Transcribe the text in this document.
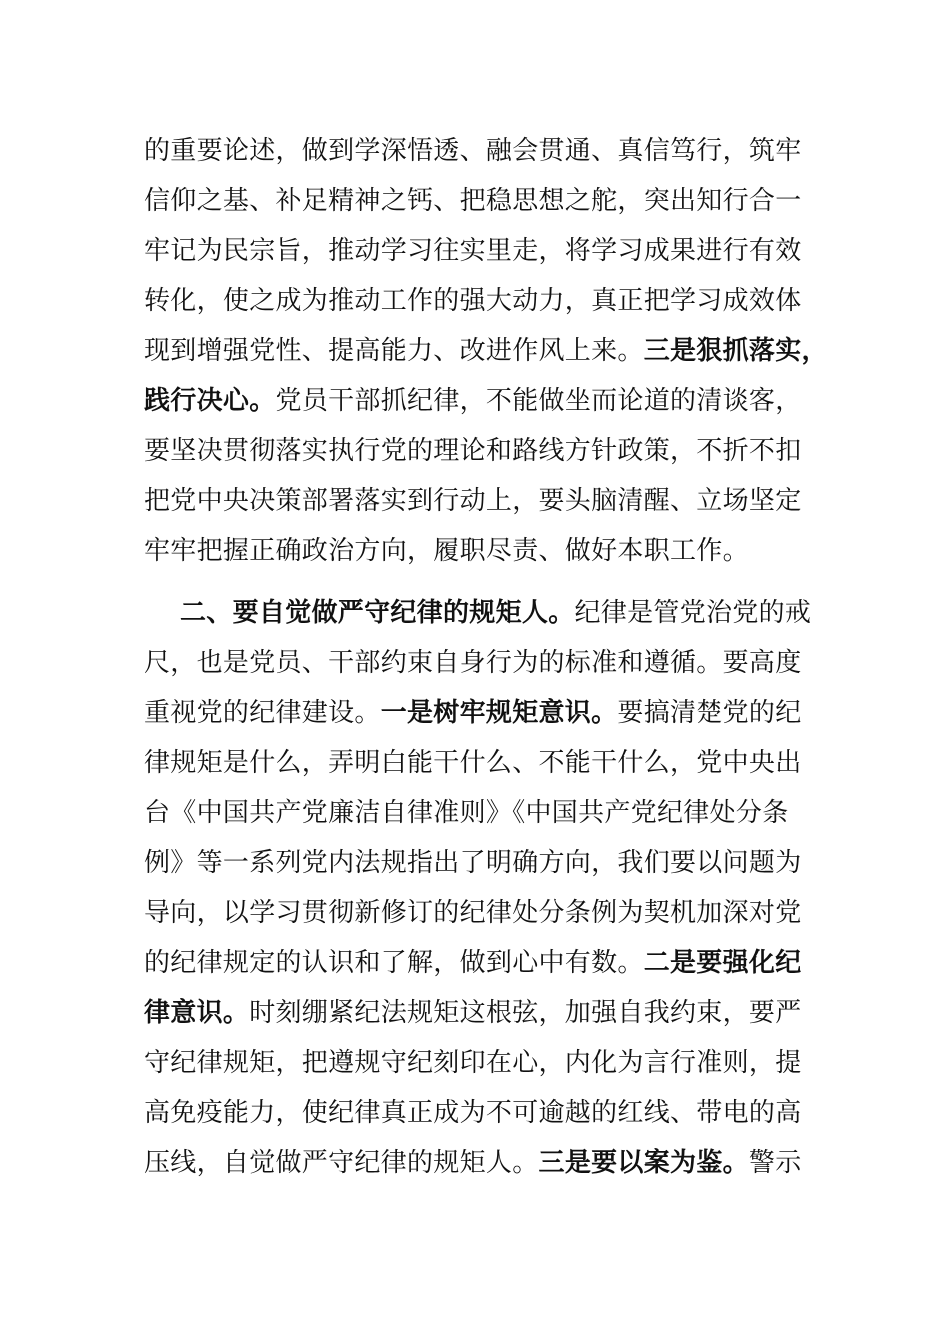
的重要论述，做到学深悟透、融会贯通、真信笃行，筑牢
信仰之基、补足精神之钙、把稳思想之舵，突出知行合一
牢记为民宗旨，推动学习往实里走，将学习成果进行有效
转化，使之成为推动工作的强大动力，真正把学习成效体
现到增强党性、提高能力、改进作风上来。三是狠抓落实，
践行决心。党员干部抓纪律，不能做坐而论道的清谈客，
要坚决贯彻落实执行党的理论和路线方针政策，不折不扣
把党中央决策部署落实到行动上，要头脑清醒、立场坚定
牢牢把握正确政治方向，履职尽责、做好本职工作。
二、要自觉做严守纪律的规矩人。纪律是管党治党的戒
尺，也是党员、干部约束自身行为的标准和遵循。要高度
重视党的纪律建设。一是树牢规矩意识。要搞清楚党的纪
律规矩是什么，弄明白能干什么、不能干什么，党中央出
台《中国共产党廉洁自律准则》《中国共产党纪律处分条
例》等一系列党内法规指出了明确方向，我们要以问题为
导向，以学习贯彻新修订的纪律处分条例为契机加深对党
的纪律规定的认识和了解，做到心中有数。二是要强化纪
律意识。时刻绷紧纪法规矩这根弦，加强自我约束，要严
守纪律规矩，把遵规守纪刻印在心，内化为言行准则，提
高免疫能力，使纪律真正成为不可逾越的红线、带电的高
压线，自觉做严守纪律的规矩人。三是要以案为鉴。警示
